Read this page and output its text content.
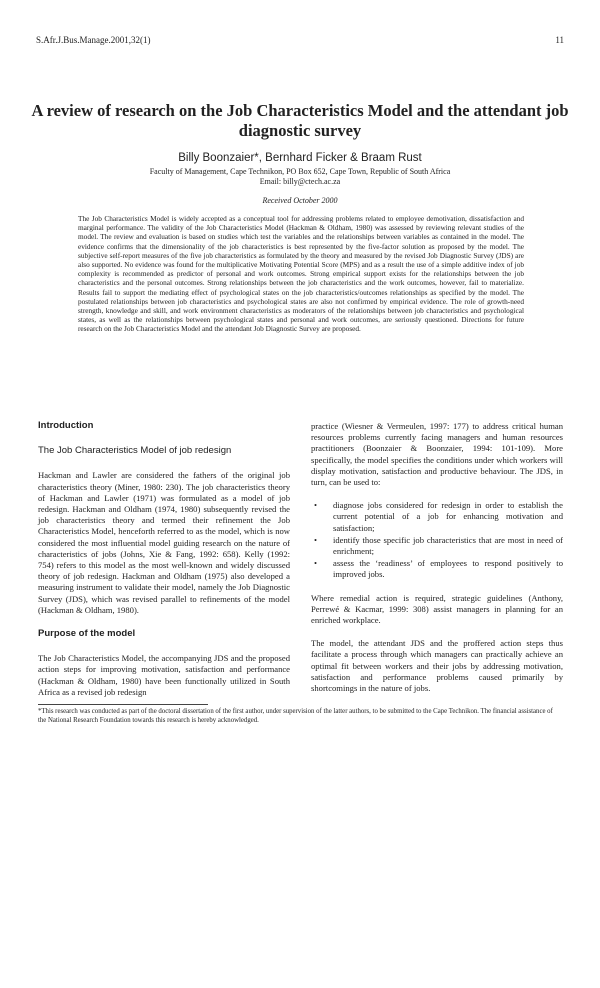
S.Afr.J.Bus.Manage.2001,32(1)	11
A review of research on the Job Characteristics Model and the attendant job diagnostic survey
Billy Boonzaier*, Bernhard Ficker & Braam Rust
Faculty of Management, Cape Technikon, PO Box 652, Cape Town, Republic of South Africa
Email: billy@ctech.ac.za
Received October 2000
The Job Characteristics Model is widely accepted as a conceptual tool for addressing problems related to employee demotivation, dissatisfaction and marginal performance. The validity of the Job Characteristics Model (Hackman & Oldham, 1980) was assessed by reviewing relevant studies of the model. The review and evaluation is based on studies which test the variables and the relationships between variables as contained in the model. The evidence confirms that the dimensionality of the job characteristics is best represented by the five-factor solution as proposed by the model. The subjective self-report measures of the five job characteristics as formulated by the theory and measured by the revised Job Diagnostic Survey (JDS) are also supported. No evidence was found for the multiplicative Motivating Potential Score (MPS) and as a result the use of a simple additive index of job complexity is recommended as predictor of personal and work outcomes. Strong empirical support exists for the relationships between the job characteristics and the personal outcomes. Strong relationships between the job characteristics and the work outcomes, however, fail to materialize. Results fail to support the mediating effect of psychological states on the job characteristics/outcomes relationships as specified by the model. The postulated relationships between job characteristics and psychological states are also not confirmed by empirical evidence. The role of growth-need strength, knowledge and skill, and work environment characteristics as moderators of the relationships between job characteristics and psychological states, as well as the relationships between psychological states and personal and work outcomes, are seriously questioned. Directions for future research on the Job Characteristics Model and the attendant Job Diagnostic Survey are proposed.
Introduction
The Job Characteristics Model of job redesign

Hackman and Lawler are considered the fathers of the original job characteristics theory (Miner, 1980: 230). The job characteristics theory of Hackman and Lawler (1971) was formulated as a model of job redesign. Hackman and Oldham (1974, 1980) subsequently revised the job characteristics theory and termed their refinement the Job Characteristics Model, henceforth referred to as the model, which is now considered the most influential model guiding research on the nature of characteristics of jobs (Johns, Xie & Fang, 1992: 658). Kelly (1992: 754) refers to this model as the most well-known and widely discussed theory of job redesign. Hackman and Oldham (1975) also developed a measuring instrument to validate their model, namely the Job Diagnostic Survey (JDS), which was revised parallel to refinements of the model (Hackman & Oldham, 1980).

Purpose of the model

The Job Characteristics Model, the accompanying JDS and the proposed action steps for improving motivation, satisfaction and performance (Hackman & Oldham, 1980) have been functionally utilized in South Africa as a revised job redesign

practice (Wiesner & Vermeulen, 1997: 177) to address critical human resources problems currently facing managers and human resources practitioners (Boonzaier & Boonzaier, 1994: 101-109). More specifically, the model specifies the conditions under which workers will display motivation, satisfaction and productive behaviour. The JDS, in turn, can be used to:

• diagnose jobs considered for redesign in order to establish the current potential of a job for enhancing motivation and satisfaction;
• identify those specific job characteristics that are most in need of enrichment;
• assess the ‘readiness’ of employees to respond positively to improved jobs.

Where remedial action is required, strategic guidelines (Anthony, Perrewé & Kacmar, 1999: 308) assist managers in planning for an enriched workplace.

The model, the attendant JDS and the proffered action steps thus facilitate a process through which managers can practically achieve an optimal fit between workers and their jobs by addressing motivation, satisfaction and performance problems caused primarily by shortcomings in the nature of jobs.

*This research was conducted as part of the doctoral dissertation of the first author, under supervision of the latter authors, to be submitted to the Cape Technikon. The financial assistance of the National Research Foundation towards this research is hereby acknowledged.
